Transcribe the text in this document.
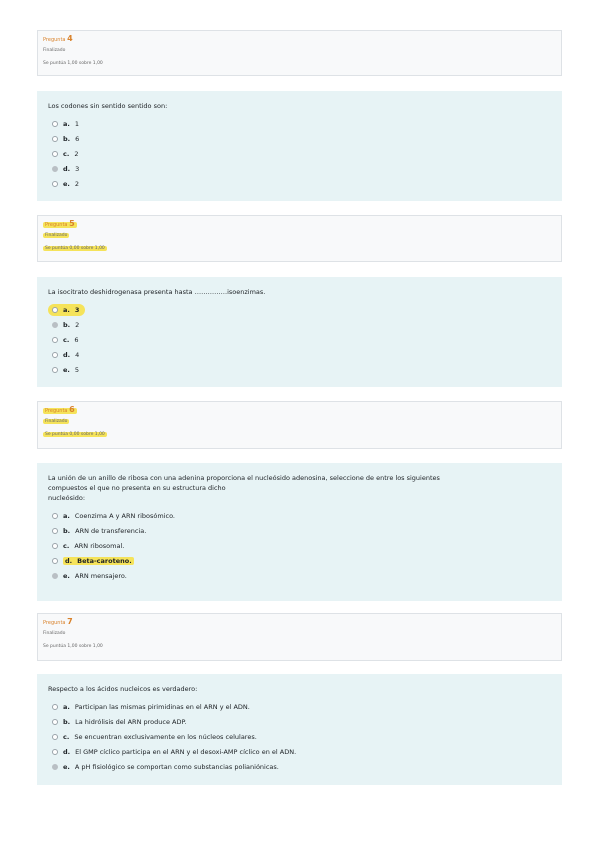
Pregunta 4
Finalizado
Se puntúa 1,00 sobre 1,00
Los codones sin sentido sentido son:
a. 1
b. 6
c. 2
d. 3
e. 2
Pregunta 5
Finalizado
Se puntúa 0,00 sobre 1,00
La isocitrato deshidrogenasa presenta hasta ……………isoenzimas.
a. 3
b. 2
c. 6
d. 4
e. 5
Pregunta 6
Finalizado
Se puntúa 0,00 sobre 1,00
La unión de un anillo de ribosa con una adenina proporciona el nucleósido adenosina, seleccione de entre los siguientes
compuestos el que no presenta en su estructura dicho
nucleósido:
a. Coenzima A y ARN ribosómico.
b. ARN de transferencia.
c. ARN ribosomal.
d. Beta-caroteno.
e. ARN mensajero.
Pregunta 7
Finalizado
Se puntúa 1,00 sobre 1,00
Respecto a los ácidos nucleicos es verdadero:
a. Participan las mismas pirimidinas en el ARN y el ADN.
b. La hidrólisis del ARN produce ADP.
c. Se encuentran exclusivamente en los núcleos celulares.
d. El GMP cíclico participa en el ARN y el desoxi-AMP cíclico en el ADN.
e. A pH fisiológico se comportan como substancias polianiónicas.
